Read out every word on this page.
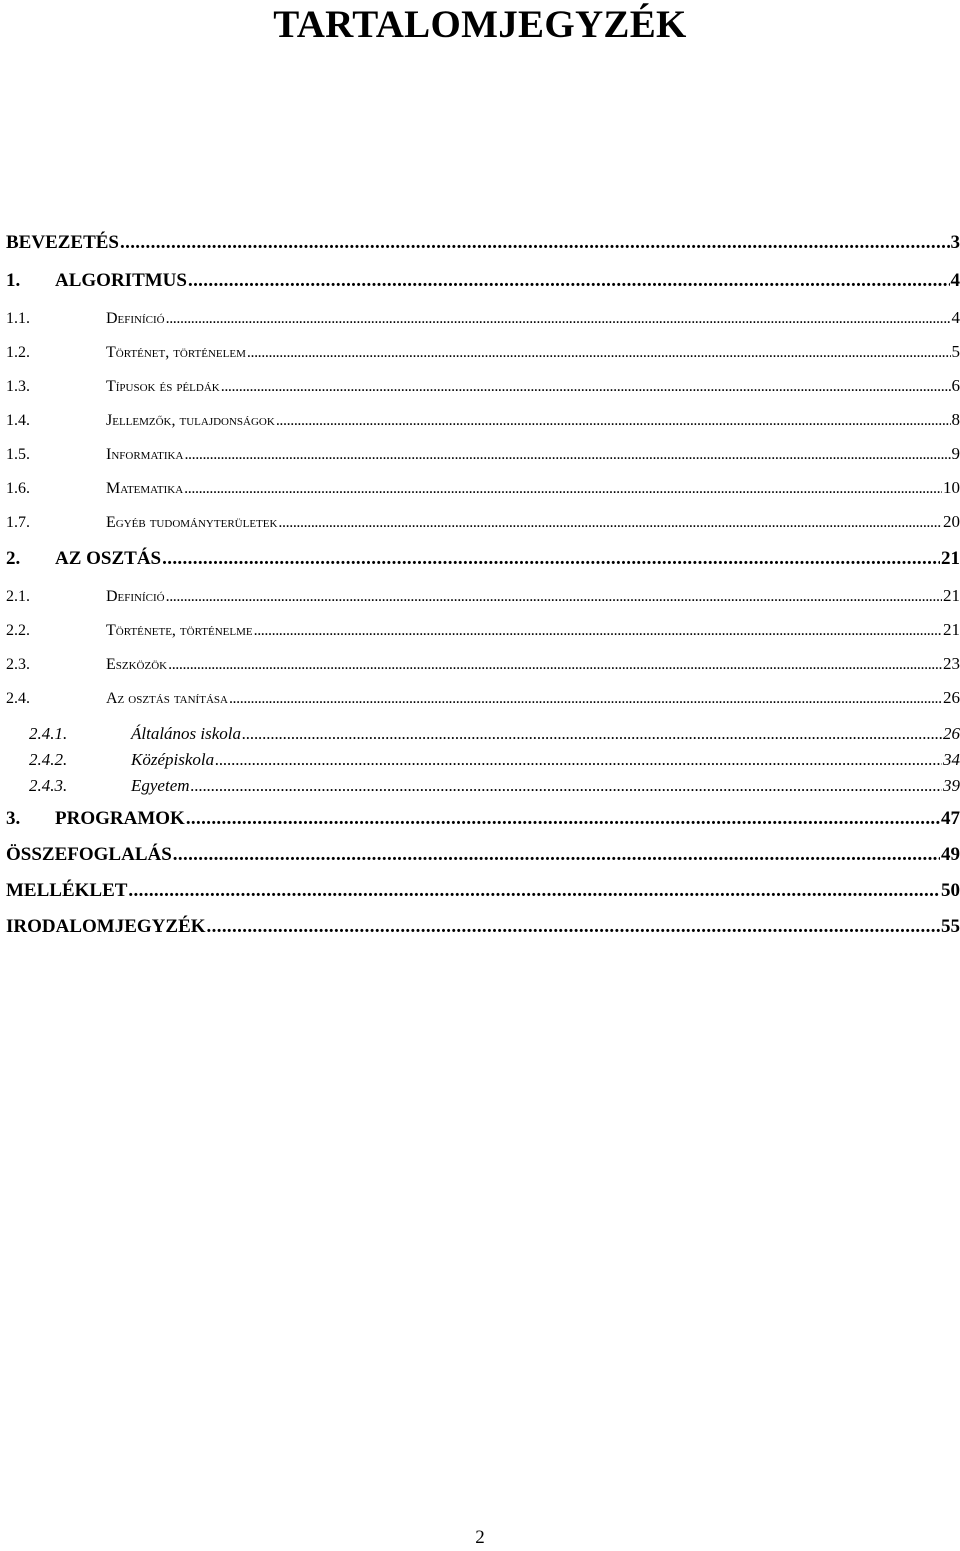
TARTALOMJEGYZÉK
BEVEZETÉS . . .	3
1.	ALGORITMUS . . .	4
1.1.	Definíció . . .	4
1.2.	Történet, történelem . . .	5
1.3.	Típusok és példák . . .	6
1.4.	Jellemzők, tulajdonságok . . .	8
1.5.	Informatika . . .	9
1.6.	Matematika . . .	10
1.7.	Egyéb tudományterületek . . .	20
2.	AZ OSZTÁS . . .	21
2.1.	Definíció . . .	21
2.2.	Története, történelme . . .	21
2.3.	Eszközök . . .	23
2.4.	Az osztás tanítása . . .	26
2.4.1.	Általános iskola . . .	26
2.4.2.	Középiskola . . .	34
2.4.3.	Egyetem . . .	39
3.	PROGRAMOK . . .	47
ÖSSZEFOGLALÁS . . .	49
MELLÉKLET . . .	50
IRODALOMJEGYZÉK . . .	55
2
